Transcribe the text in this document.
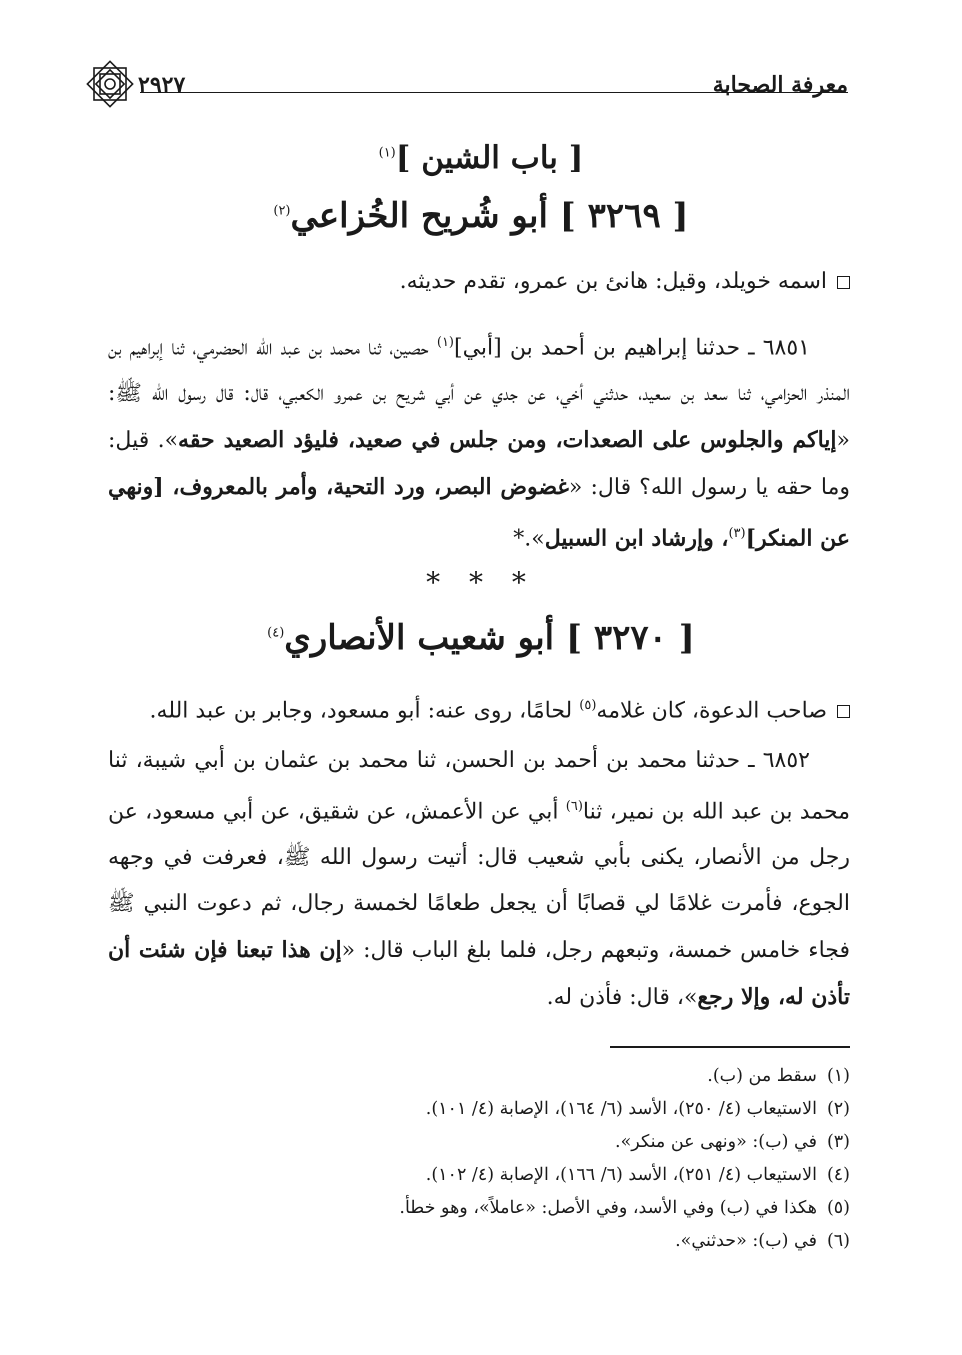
معرفة الصحابة
٢٩٢٧
[ باب الشين ]$^{(١)}$
[ ٣٢٦٩ ] أبو شُريح الخُزاعي$^{(٢)}$
اسمه خويلد، وقيل: هانئ بن عمرو، تقدم حديثه.
٦٨٥١ ـ حدثنا إبراهيم بن أحمد بن [أبي]$^{(١)}$ حصين، ثنا محمد بن عبد الله الحضرمي، ثنا إبراهيم بن المنذر الحزامي، ثنا سعد بن سعيد، حدثني أخي، عن جدي عن أبي شريح بن عمرو الكعبي، قال: قال رسول الله ﷺ: «إياكم والجلوس على الصعدات، ومن جلس في صعيد، فليؤد الصعيد حقه». قيل: وما حقه يا رسول الله؟ قال: «غضوض البصر، ورد التحية، وأمر بالمعروف، [ونهي عن المنكر]$^{(٣)}$، وإرشاد ابن السبيل».*
* * *
[ ٣٢٧٠ ] أبو شعيب الأنصاري$^{(٤)}$
صاحب الدعوة، كان غلامه$^{(٥)}$ لحامًا، روى عنه: أبو مسعود، وجابر بن عبد الله.
٦٨٥٢ ـ حدثنا محمد بن أحمد بن الحسن، ثنا محمد بن عثمان بن أبي شيبة، ثنا محمد بن عبد الله بن نمير، ثنا$^{(٦)}$ أبي عن الأعمش، عن شقيق، عن أبي مسعود، عن رجل من الأنصار، يكنى بأبي شعيب قال: أتيت رسول الله ﷺ، فعرفت في وجهه الجوع، فأمرت غلامًا لي قصابًا أن يجعل طعامًا لخمسة رجال، ثم دعوت النبي ﷺ فجاء خامس خمسة، وتبعهم رجل، فلما بلغ الباب قال: «إن هذا تبعنا فإن شئت أن تأذن له، وإلا رجع»، قال: فأذن له.
(١)سقط من (ب).
(٢)الاستيعاب (٤/ ٢٥٠)، الأسد (٦/ ١٦٤)، الإصابة (٤/ ١٠١).
(٣)في (ب): «ونهى عن منكر».
(٤)الاستيعاب (٤/ ٢٥١)، الأسد (٦/ ١٦٦)، الإصابة (٤/ ١٠٢).
(٥)هكذا في (ب) وفي الأسد، وفي الأصل: «عاملاً»، وهو خطأ.
(٦)في (ب): «حدثني».
